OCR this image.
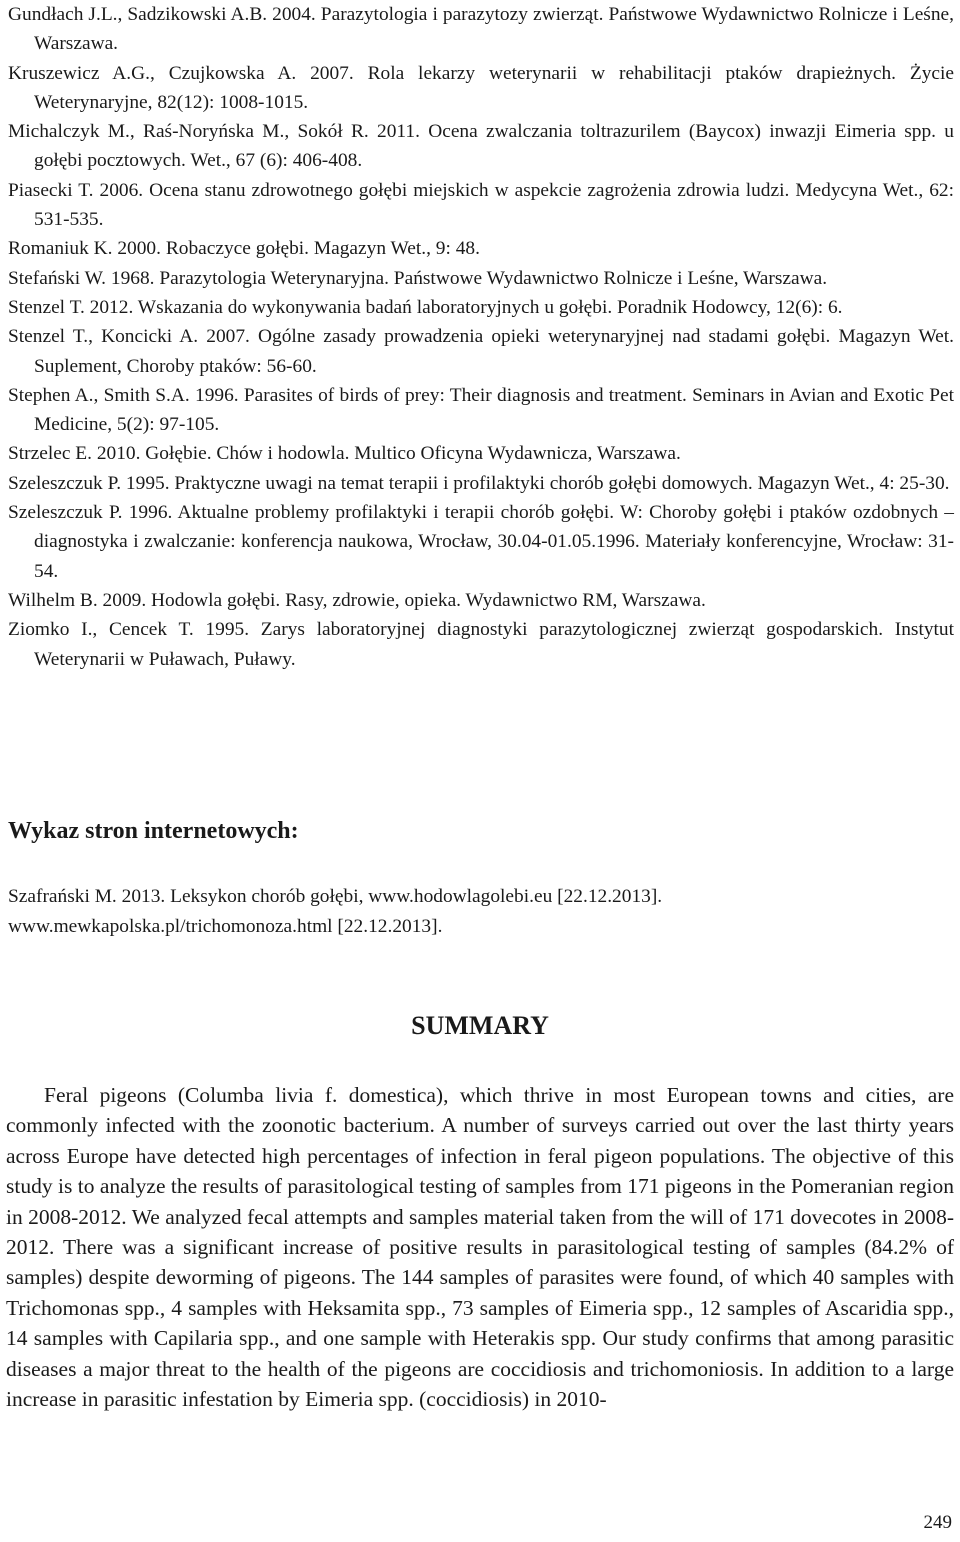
Gundłach J.L., Sadzikowski A.B. 2004. Parazytologia i parazytozy zwierząt. Państwowe Wydawnictwo Rolnicze i Leśne, Warszawa.

Kruszewicz A.G., Czujkowska A. 2007. Rola lekarzy weterynarii w rehabilitacji ptaków drapieżnych. Życie Weterynaryjne, 82(12): 1008-1015.

Michalczyk M., Raś-Noryńska M., Sokół R. 2011. Ocena zwalczania toltrazurilem (Baycox) inwazji Eimeria spp. u gołębi pocztowych. Wet., 67 (6): 406-408.

Piasecki T. 2006. Ocena stanu zdrowotnego gołębi miejskich w aspekcie zagrożenia zdrowia ludzi. Medycyna Wet., 62: 531-535.

Romaniuk K. 2000. Robaczyce gołębi. Magazyn Wet., 9: 48.

Stefański W. 1968. Parazytologia Weterynaryjna. Państwowe Wydawnictwo Rolnicze i Leśne, Warszawa.

Stenzel T. 2012. Wskazania do wykonywania badań laboratoryjnych u gołębi. Poradnik Hodowcy, 12(6): 6.

Stenzel T., Koncicki A. 2007. Ogólne zasady prowadzenia opieki weterynaryjnej nad stadami gołębi. Magazyn Wet. Suplement, Choroby ptaków: 56-60.

Stephen A., Smith S.A. 1996. Parasites of birds of prey: Their diagnosis and treatment. Seminars in Avian and Exotic Pet Medicine, 5(2): 97-105.

Strzelec E. 2010. Gołębie. Chów i hodowla. Multico Oficyna Wydawnicza, Warszawa.

Szeleszczuk P. 1995. Praktyczne uwagi na temat terapii i profilaktyki chorób gołębi domowych. Magazyn Wet., 4: 25-30.

Szeleszczuk P. 1996. Aktualne problemy profilaktyki i terapii chorób gołębi. W: Choroby gołębi i ptaków ozdobnych – diagnostyka i zwalczanie: konferencja naukowa, Wrocław, 30.04-01.05.1996. Materiały konferencyjne, Wrocław: 31-54.

Wilhelm B. 2009. Hodowla gołębi. Rasy, zdrowie, opieka. Wydawnictwo RM, Warszawa.

Ziomko I., Cencek T. 1995. Zarys laboratoryjnej diagnostyki parazytologicznej zwierząt gospodarskich. Instytut Weterynarii w Puławach, Puławy.

Wykaz stron internetowych:

Szafrański M. 2013. Leksykon chorób gołębi, www.hodowlagolebi.eu [22.12.2013].

www.mewkapolska.pl/trichomonoza.html [22.12.2013].

SUMMARY

Feral pigeons (Columba livia f. domestica), which thrive in most European towns and cities, are commonly infected with the zoonotic bacterium. A number of surveys carried out over the last thirty years across Europe have detected high percentages of infection in feral pigeon populations. The objective of this study is to analyze the results of parasitological testing of samples from 171 pigeons in the Pomeranian region in 2008-2012. We analyzed fecal attempts and samples material taken from the will of 171 dovecotes in 2008-2012. There was a significant increase of positive results in parasitological testing of samples (84.2% of samples) despite deworming of pigeons. The 144 samples of parasites were found, of which 40 samples with Trichomonas spp., 4 samples with Heksamita spp., 73 samples of Eimeria spp., 12 samples of Ascaridia spp., 14 samples with Capilaria spp., and one sample with Heterakis spp. Our study confirms that among parasitic diseases a major threat to the health of the pigeons are coccidiosis and trichomoniosis. In addition to a large increase in parasitic infestation by Eimeria spp. (coccidiosis) in 2010-

249
